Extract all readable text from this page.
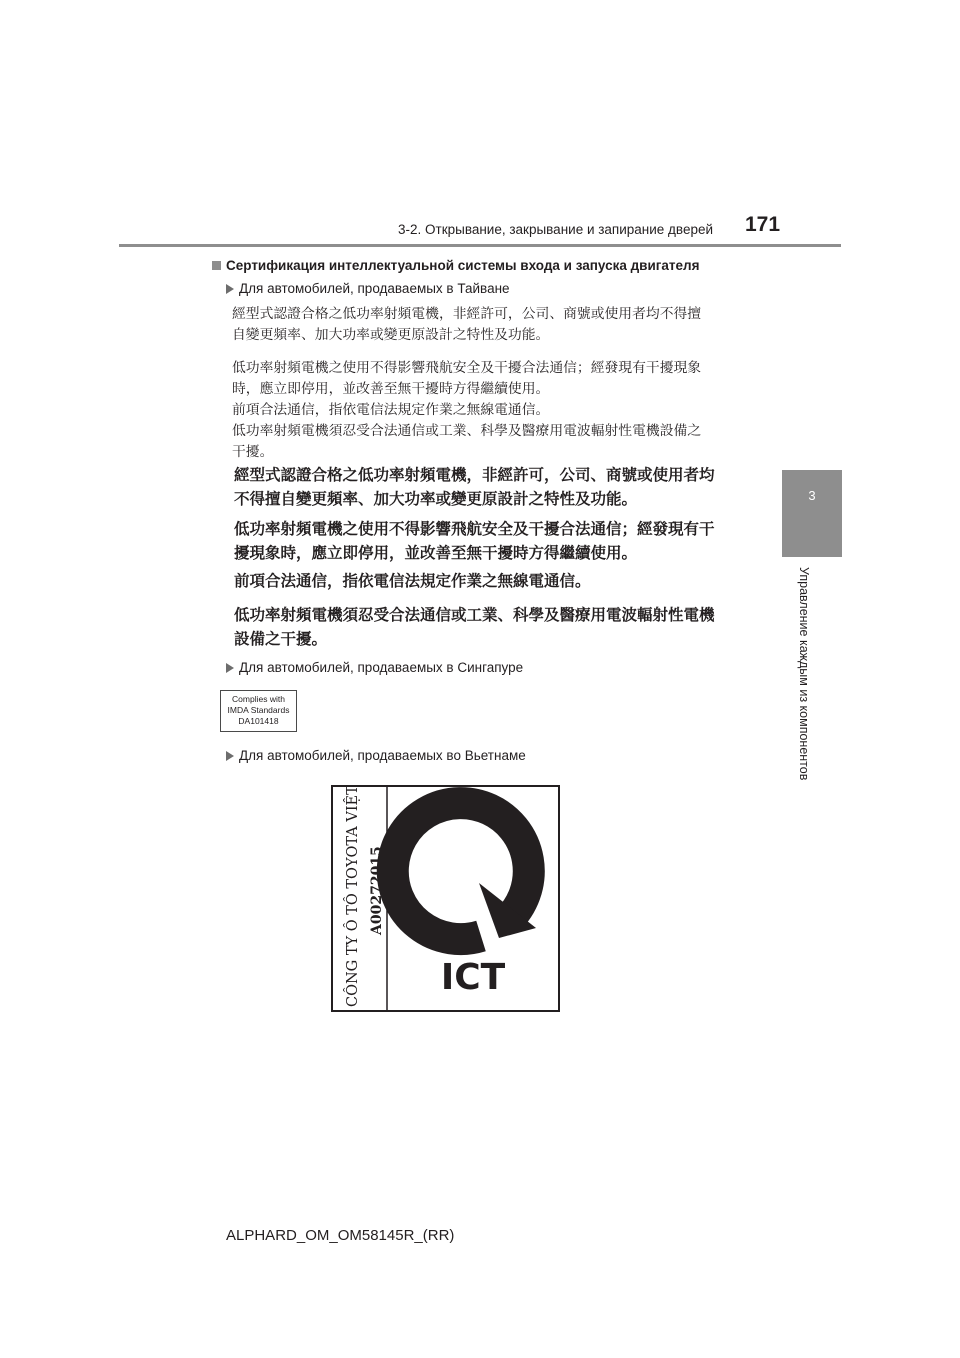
3-2. Открывание, закрывание и запирание дверей 171
3
Управление каждым из компонентов
Сертификация интеллектуальной системы входа и запуска двигателя
Для автомобилей, продаваемых в Тайване
經型式認證合格之低功率射頻電機，非經許可，公司、商號或使用者均不得擅
自變更頻率、加大功率或變更原設計之特性及功能。
低功率射頻電機之使用不得影響飛航安全及干擾合法通信；經發現有干擾現象
時，應立即停用，並改善至無干擾時方得繼續使用。
前項合法通信，指依電信法規定作業之無線電通信。
低功率射頻電機須忍受合法通信或工業、科學及醫療用電波輻射性電機設備之
干擾。
經型式認證合格之低功率射頻電機，非經許可，公司、商號或使用者均
不得擅自變更頻率、加大功率或變更原設計之特性及功能。
低功率射頻電機之使用不得影響飛航安全及干擾合法通信；經發現有干
擾現象時，應立即停用，並改善至無干擾時方得繼續使用。
前項合法通信，指依電信法規定作業之無線電通信。
低功率射頻電機須忍受合法通信或工業、科學及醫療用電波輻射性電機
設備之干擾。
Для автомобилей, продаваемых в Сингапуре
Complies with
IMDA Standards
DA101418
Для автомобилей, продаваемых во Вьетнаме
CÔNG TY Ô TÔ TOYOTA VIỆT NAM A00272015
ICT
ALPHARD_OM_OM58145R_(RR)
